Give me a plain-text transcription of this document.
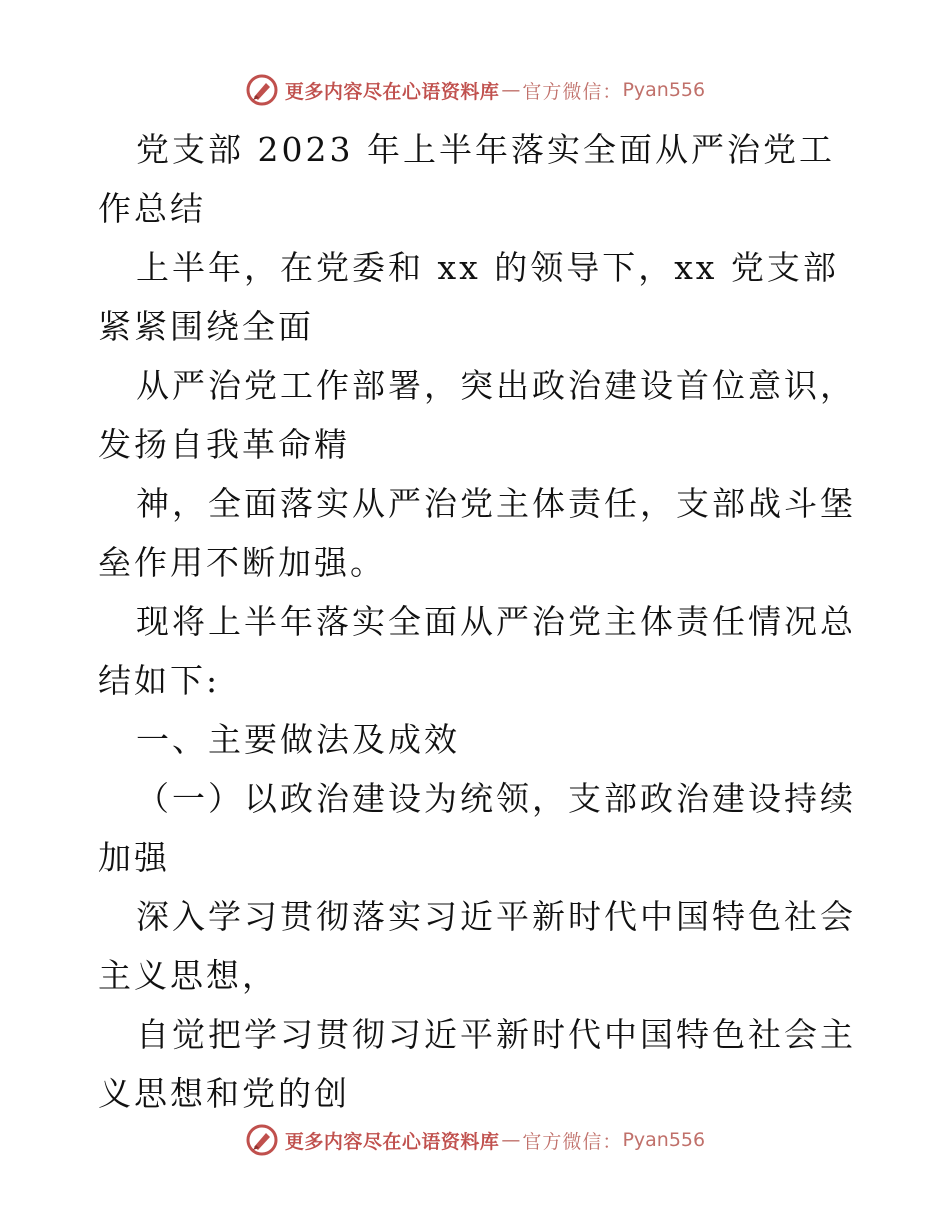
更多内容尽在心语资料库 — 官方微信： Pyan556

党支部 2023 年上半年落实全面从严治党工作总结

上半年，在党委和 xx 的领导下，xx 党支部紧紧围绕全面

从严治党工作部署，突出政治建设首位意识，发扬自我革命精

神，全面落实从严治党主体责任，支部战斗堡垒作用不断加强。

现将上半年落实全面从严治党主体责任情况总结如下:

一、主要做法及成效

（一）以政治建设为统领，支部政治建设持续加强

深入学习贯彻落实习近平新时代中国特色社会主义思想，

自觉把学习贯彻习近平新时代中国特色社会主义思想和党的创

更多内容尽在心语资料库 — 官方微信： Pyan556
